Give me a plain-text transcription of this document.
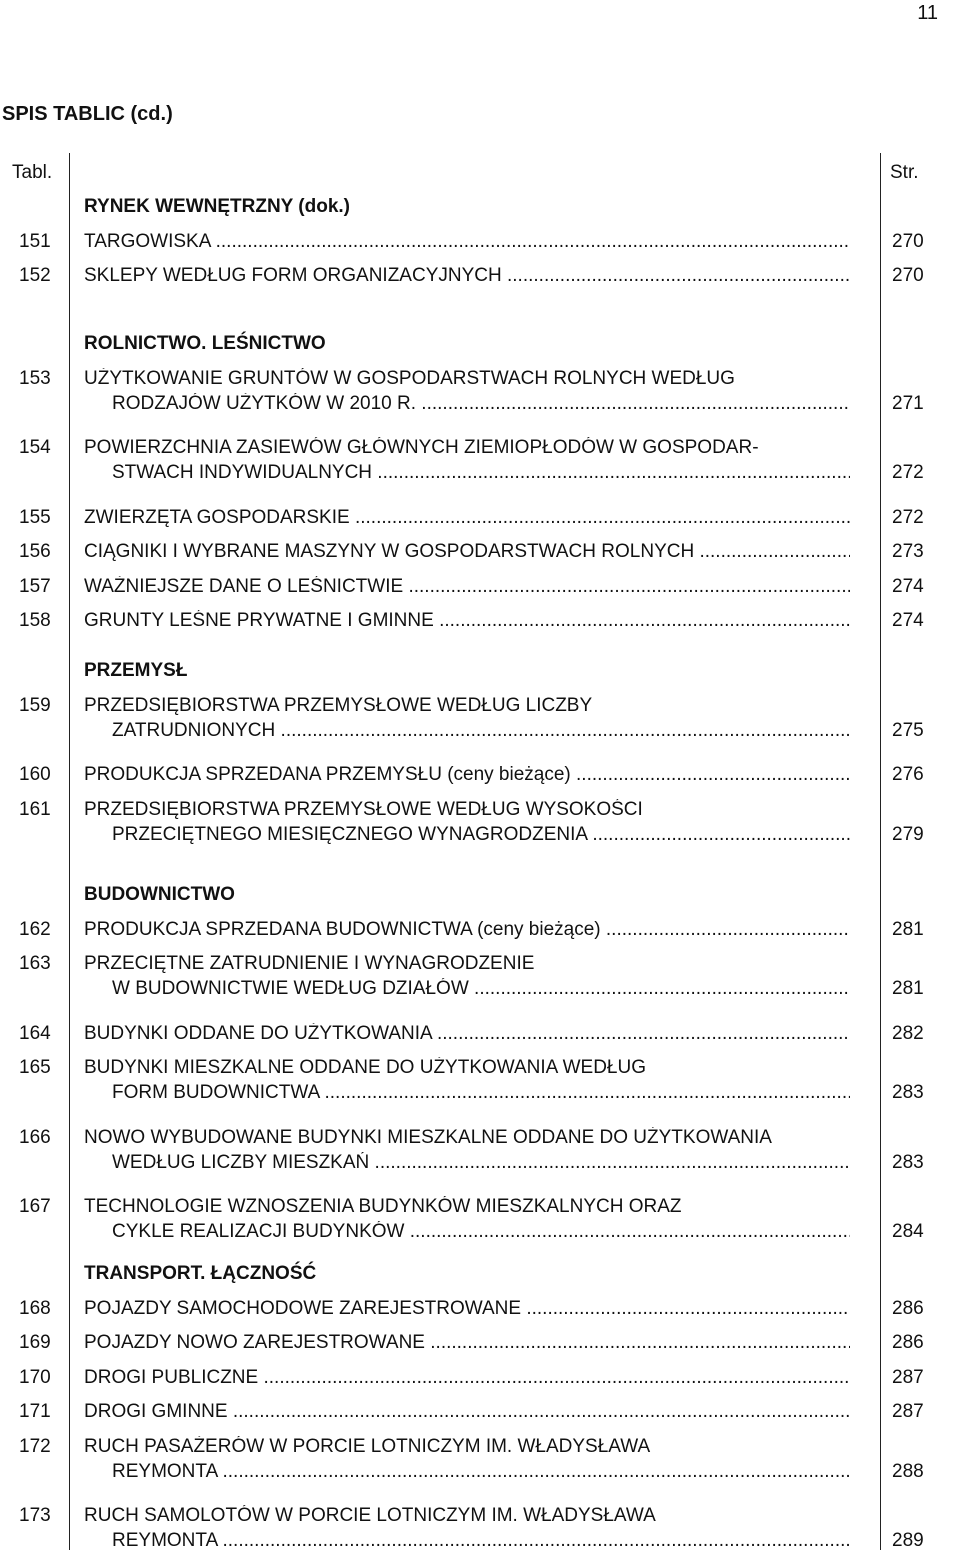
11
SPIS TABLIC (cd.)
Tabl.	Str.
RYNEK WEWNĘTRZNY (dok.)
151	TARGOWISKA .....	270
152	SKLEPY WEDŁUG FORM ORGANIZACYJNYCH .....	270
ROLNICTWO. LEŚNICTWO
153	UŻYTKOWANIE GRUNTÓW W GOSPODARSTWACH ROLNYCH WEDŁUG
RODZAJÓW UŻYTKÓW W 2010 R. .....	271
154	POWIERZCHNIA ZASIEWÓW GŁÓWNYCH ZIEMIOPŁODÓW W GOSPODAR-
STWACH INDYWIDUALNYCH .....	272
155	ZWIERZĘTA GOSPODARSKIE .....	272
156	CIĄGNIKI I WYBRANE MASZYNY W GOSPODARSTWACH ROLNYCH .....	273
157	WAŻNIEJSZE DANE O LEŚNICTWIE .....	274
158	GRUNTY LEŚNE PRYWATNE I GMINNE .....	274
PRZEMYSŁ
159	PRZEDSIĘBIORSTWA PRZEMYSŁOWE WEDŁUG LICZBY
ZATRUDNIONYCH .....	275
160	PRODUKCJA SPRZEDANA PRZEMYSŁU (ceny bieżące) .....	276
161	PRZEDSIĘBIORSTWA PRZEMYSŁOWE WEDŁUG WYSOKOŚCI
PRZECIĘTNEGO MIESIĘCZNEGO WYNAGRODZENIA .....	279
BUDOWNICTWO
162	PRODUKCJA SPRZEDANA BUDOWNICTWA (ceny bieżące) .....	281
163	PRZECIĘTNE ZATRUDNIENIE I WYNAGRODZENIE
W BUDOWNICTWIE WEDŁUG DZIAŁÓW .....	281
164	BUDYNKI ODDANE DO UŻYTKOWANIA .....	282
165	BUDYNKI MIESZKALNE ODDANE DO UŻYTKOWANIA WEDŁUG
FORM BUDOWNICTWA .....	283
166	NOWO WYBUDOWANE BUDYNKI MIESZKALNE ODDANE DO UŻYTKOWANIA
WEDŁUG LICZBY MIESZKAŃ .....	283
167	TECHNOLOGIE WZNOSZENIA BUDYNKÓW MIESZKALNYCH ORAZ
CYKLE REALIZACJI BUDYNKÓW .....	284
TRANSPORT. ŁĄCZNOŚĆ
168	POJAZDY SAMOCHODOWE ZAREJESTROWANE .....	286
169	POJAZDY NOWO ZAREJESTROWANE .....	286
170	DROGI PUBLICZNE .....	287
171	DROGI GMINNE .....	287
172	RUCH PASAŻERÓW W PORCIE LOTNICZYM IM. WŁADYSŁAWA
REYMONTA .....	288
173	RUCH SAMOLOTÓW W PORCIE LOTNICZYM IM. WŁADYSŁAWA
REYMONTA .....	289
